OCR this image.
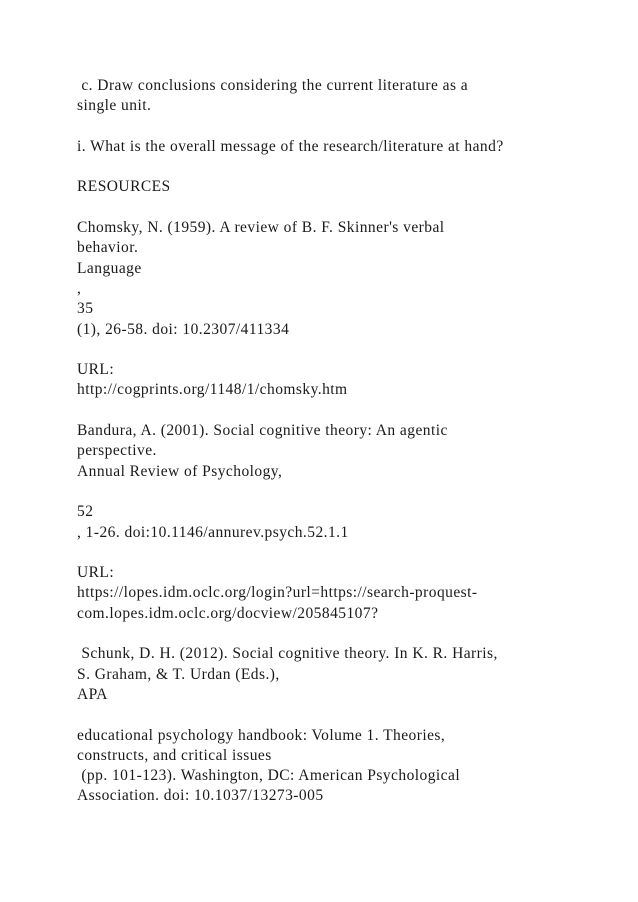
c. Draw conclusions considering the current literature as a
single unit.
i. What is the overall message of the research/literature at hand?
RESOURCES
Chomsky, N. (1959). A review of B. F. Skinner's verbal
behavior.
Language
,
35
(1), 26-58. doi: 10.2307/411334
URL:
http://cogprints.org/1148/1/chomsky.htm
Bandura, A. (2001). Social cognitive theory: An agentic
perspective.
Annual Review of Psychology,
52
, 1-26. doi:10.1146/annurev.psych.52.1.1
URL:
https://lopes.idm.oclc.org/login?url=https://search-proquest-
com.lopes.idm.oclc.org/docview/205845107?
Schunk, D. H. (2012). Social cognitive theory. In K. R. Harris,
S. Graham, & T. Urdan (Eds.),
APA
educational psychology handbook: Volume 1. Theories,
constructs, and critical issues
(pp. 101-123). Washington, DC: American Psychological
Association. doi: 10.1037/13273-005
